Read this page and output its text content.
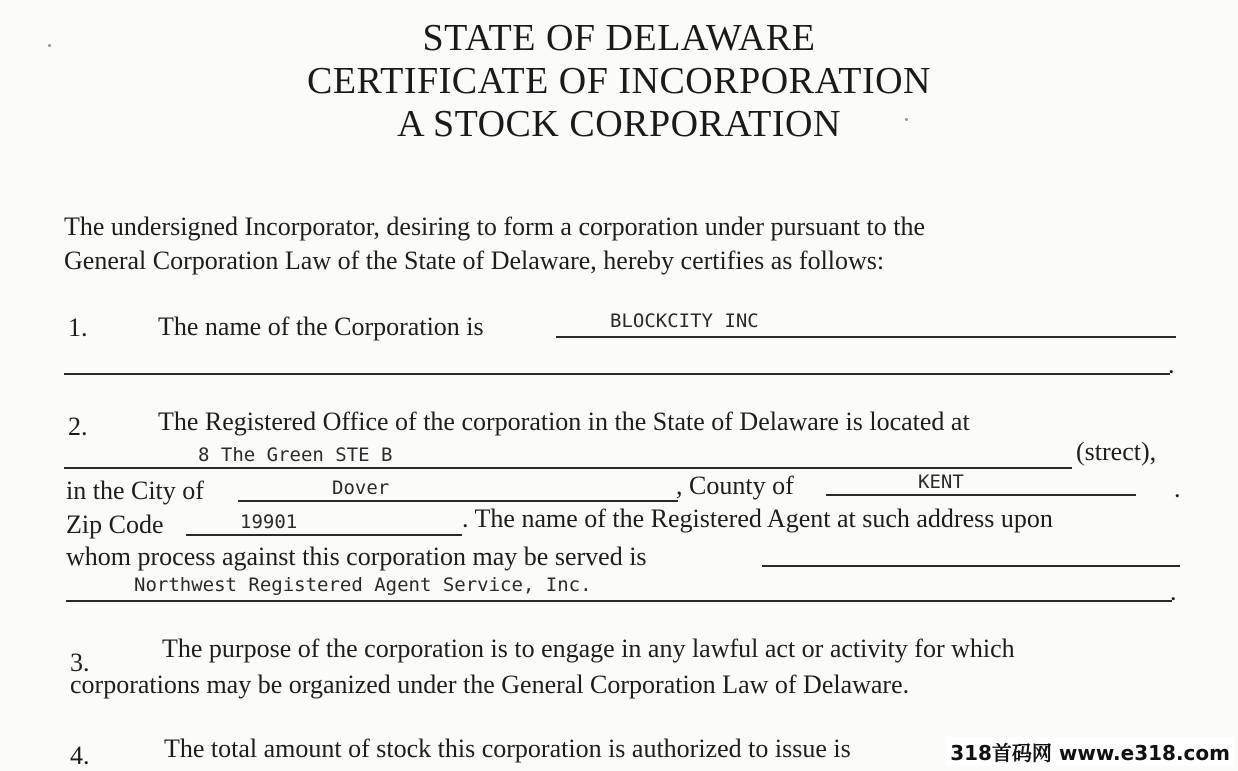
STATE OF DELAWARE
CERTIFICATE OF INCORPORATION
A STOCK CORPORATION
The undersigned Incorporator, desiring to form a corporation under pursuant to the
General Corporation Law of the State of Delaware, hereby certifies as follows:
1.	The name of the Corporation is	BLOCKCITY INC
.
2.	The Registered Office of the corporation in the State of Delaware is located at
8 The Green STE B	(strect),
in the City of	Dover	, County of	KENT	.
Zip Code	19901	. The name of the Registered Agent at such address upon
whom process against this corporation may be served is
Northwest Registered Agent Service, Inc.	.
3.	The purpose of the corporation is to engage in any lawful act or activity for which
corporations may be organized under the General Corporation Law of Delaware.
4.	The total amount of stock this corporation is authorized to issue is	318首码网 www.e318.com
